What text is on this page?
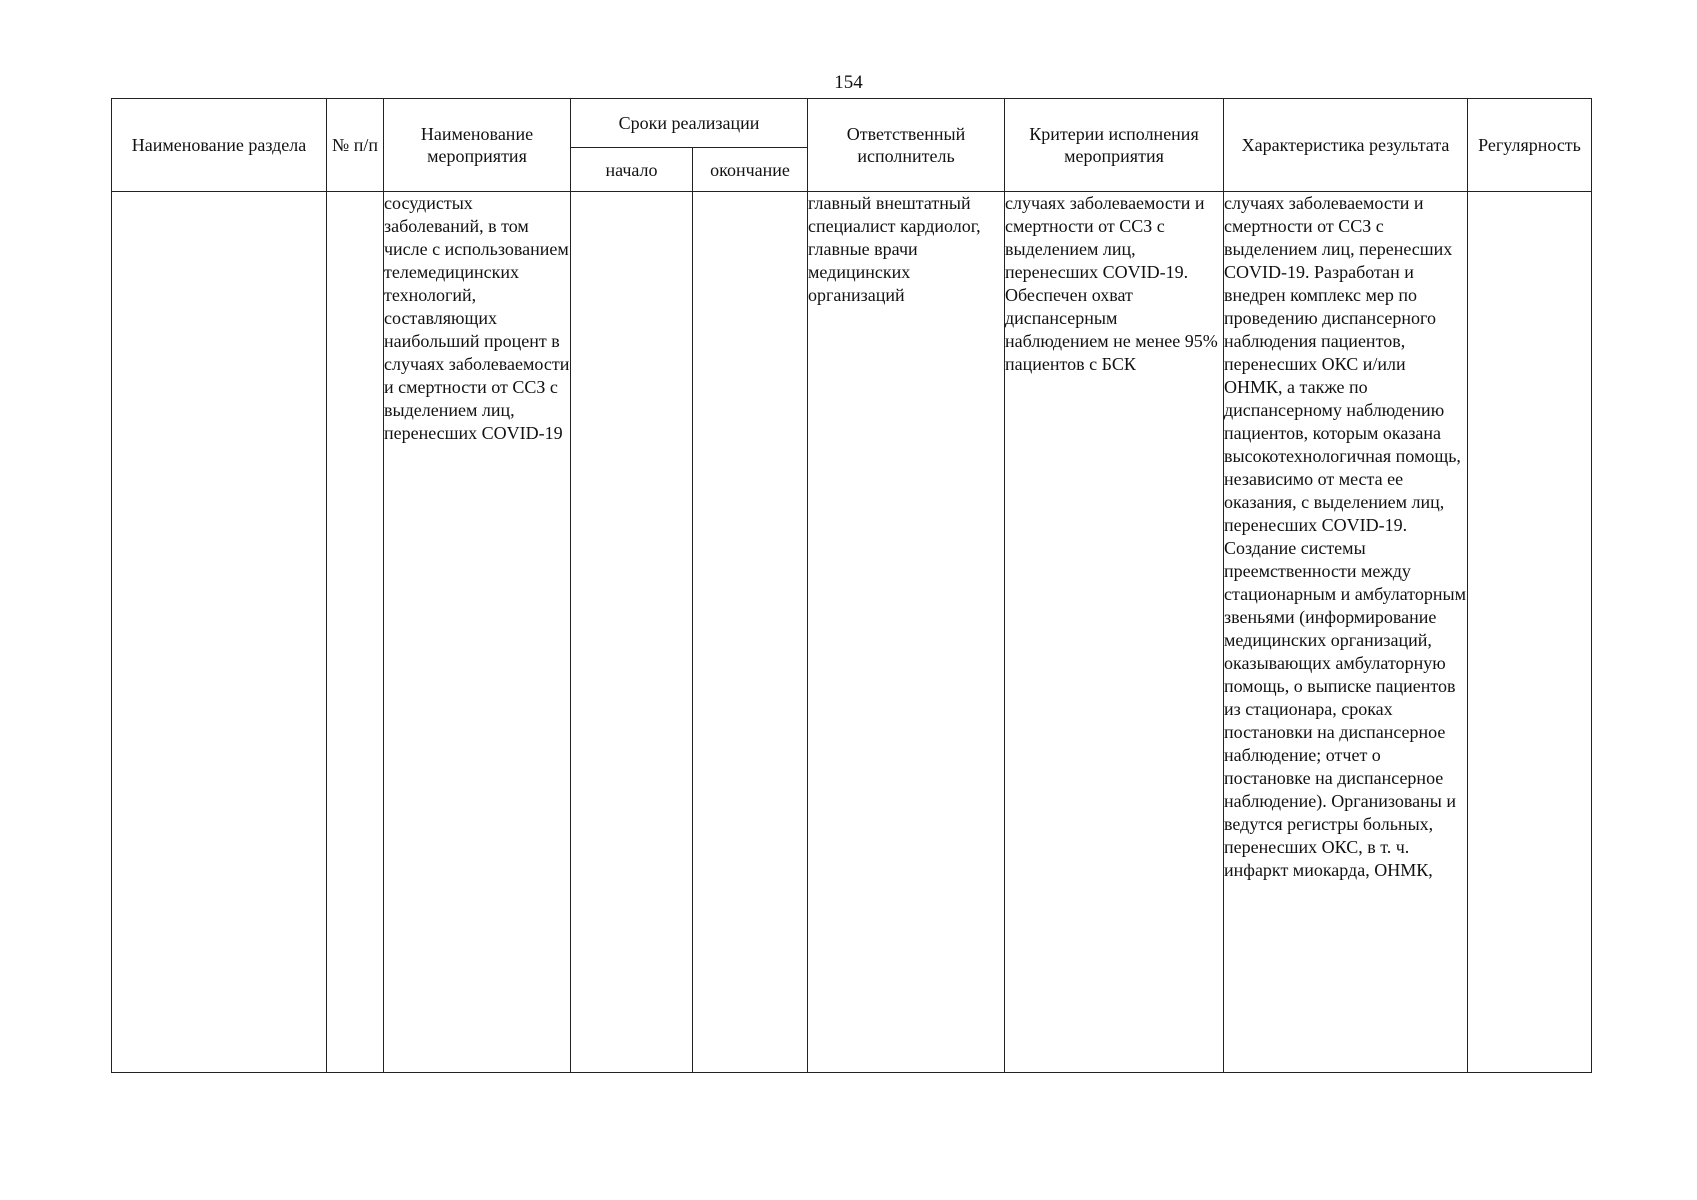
154
Наименование раздела	№ п/п	Наименование мероприятия	Сроки реализации		Ответственный исполнитель	Критерии исполнения мероприятия	Характеристика результата	Регулярность
			начало	окончание				
		сосудистых заболеваний, в том числе с использованием телемедицинских технологий, составляющих наибольший процент в случаях заболеваемости и смертности от ССЗ с выделением лиц, перенесших COVID-19			главный внештатный специалист кардиолог, главные врачи медицинских организаций	случаях заболеваемости и смертности от ССЗ с выделением лиц, перенесших COVID-19. Обеспечен охват диспансерным наблюдением не менее 95% пациентов с БСК	случаях заболеваемости и смертности от ССЗ с выделением лиц, перенесших COVID-19. Разработан и внедрен комплекс мер по проведению диспансерного наблюдения пациентов, перенесших ОКС и/или ОНМК, а также по диспансерному наблюдению пациентов, которым оказана высокотехнологичная помощь, независимо от места ее оказания, с выделением лиц, перенесших COVID-19. Создание системы преемственности между стационарным и амбулаторным звеньями (информирование медицинских организаций, оказывающих амбулаторную помощь, о выписке пациентов из стационара, сроках постановки на диспансерное наблюдение; отчет о постановке на диспансерное наблюдение). Организованы и ведутся регистры больных, перенесших ОКС, в т. ч. инфаркт миокарда, ОНМК,	
